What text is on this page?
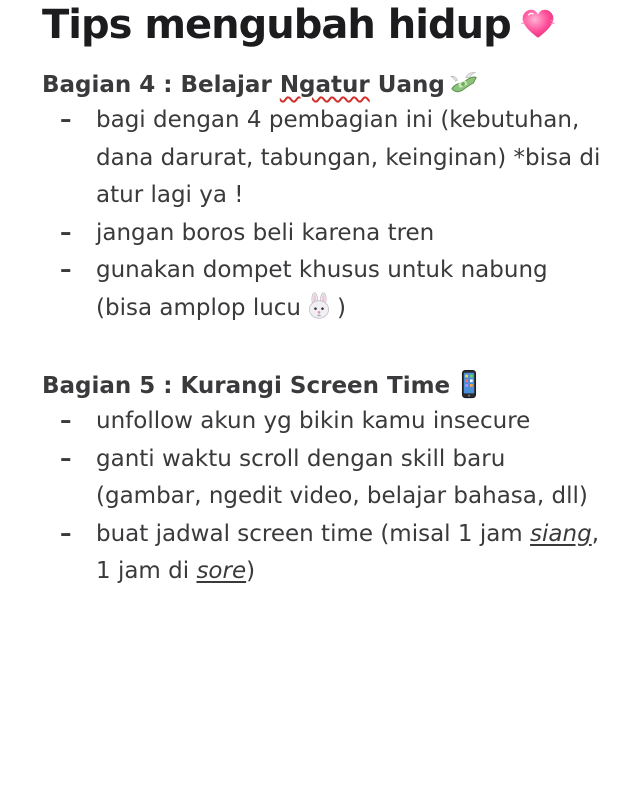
Tips mengubah hidup
Bagian 4 : Belajar Ngatur Uang
– bagi dengan 4 pembagian ini (kebutuhan, dana darurat, tabungan, keinginan) *bisa di atur lagi ya !
– jangan boros beli karena tren
– gunakan dompet khusus untuk nabung (bisa amplop lucu )
Bagian 5 : Kurangi Screen Time
– unfollow akun yg bikin kamu insecure
– ganti waktu scroll dengan skill baru (gambar, ngedit video, belajar bahasa, dll)
– buat jadwal screen time (misal 1 jam siang, 1 jam di sore)
